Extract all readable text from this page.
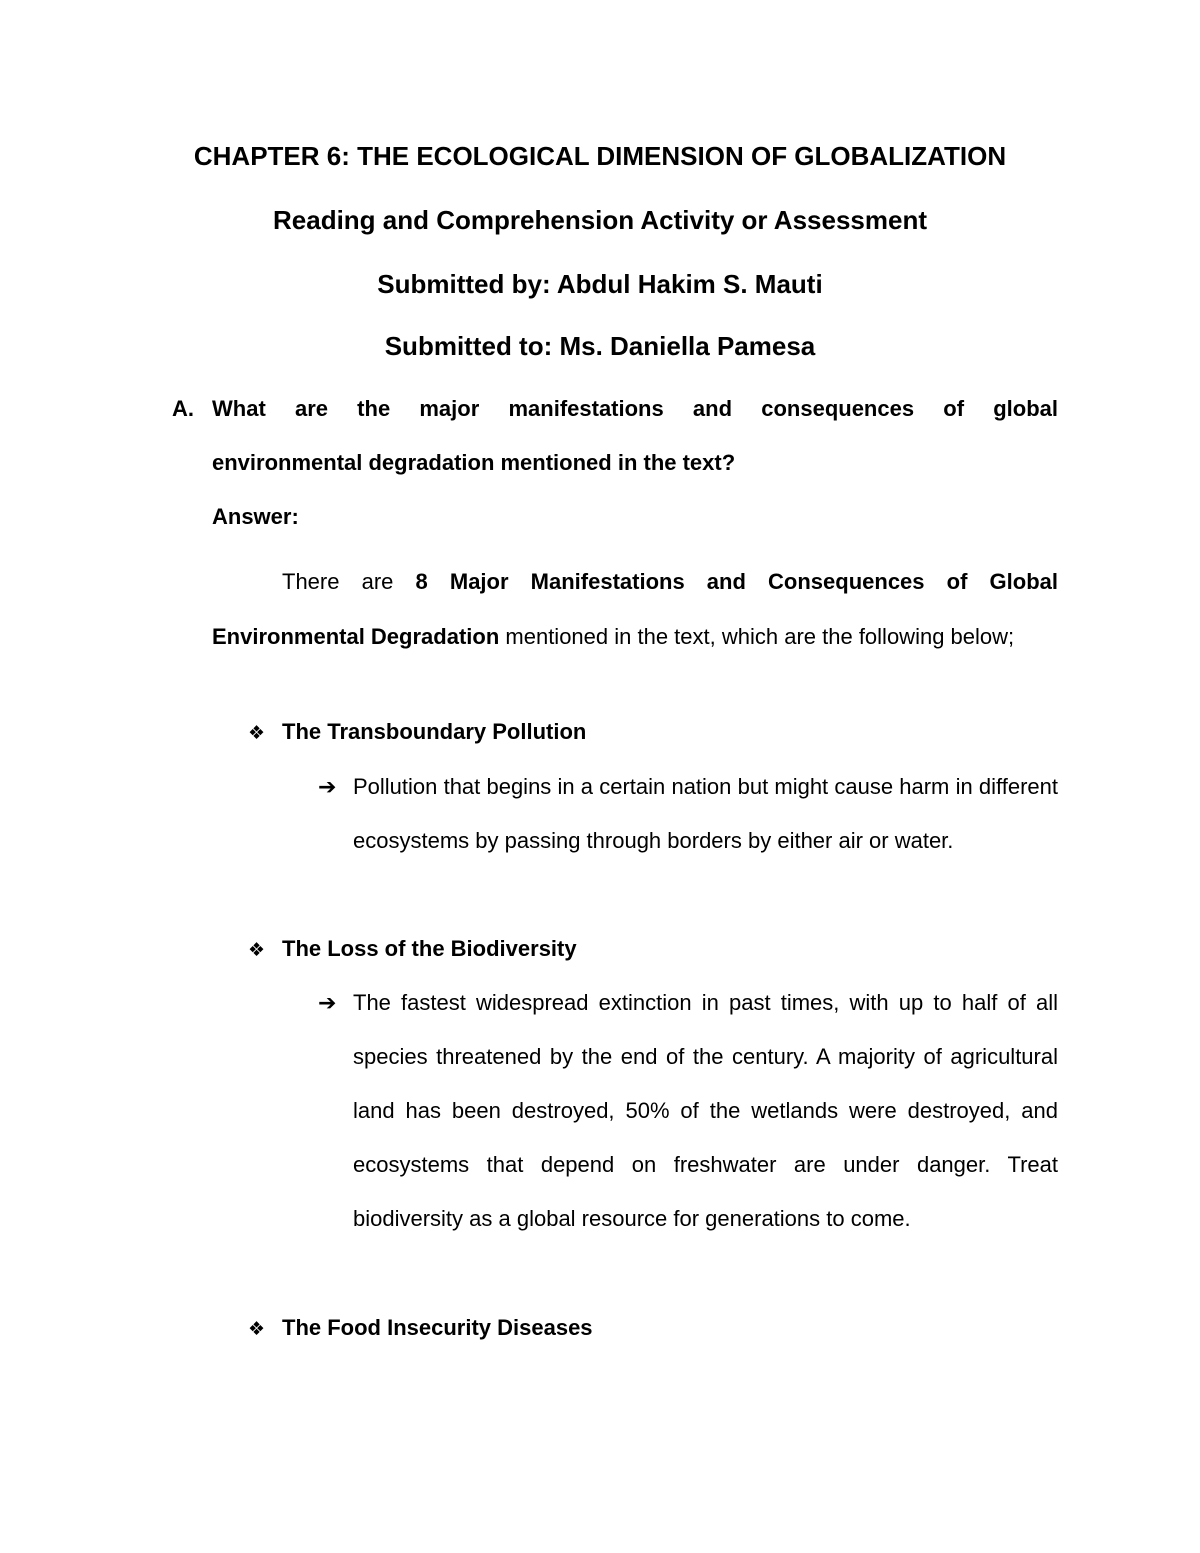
CHAPTER 6: THE ECOLOGICAL DIMENSION OF GLOBALIZATION
Reading and Comprehension Activity or Assessment
Submitted by: Abdul Hakim S. Mauti
Submitted to: Ms. Daniella Pamesa
A. What are the major manifestations and consequences of global
environmental degradation mentioned in the text?
Answer:
There are 8 Major Manifestations and Consequences of Global Environmental Degradation mentioned in the text, which are the following below;
❖ The Transboundary Pollution
➔ Pollution that begins in a certain nation but might cause harm in different ecosystems by passing through borders by either air or water.
❖ The Loss of the Biodiversity
➔ The fastest widespread extinction in past times, with up to half of all species threatened by the end of the century. A majority of agricultural land has been destroyed, 50% of the wetlands were destroyed, and ecosystems that depend on freshwater are under danger. Treat biodiversity as a global resource for generations to come.
❖ The Food Insecurity Diseases
